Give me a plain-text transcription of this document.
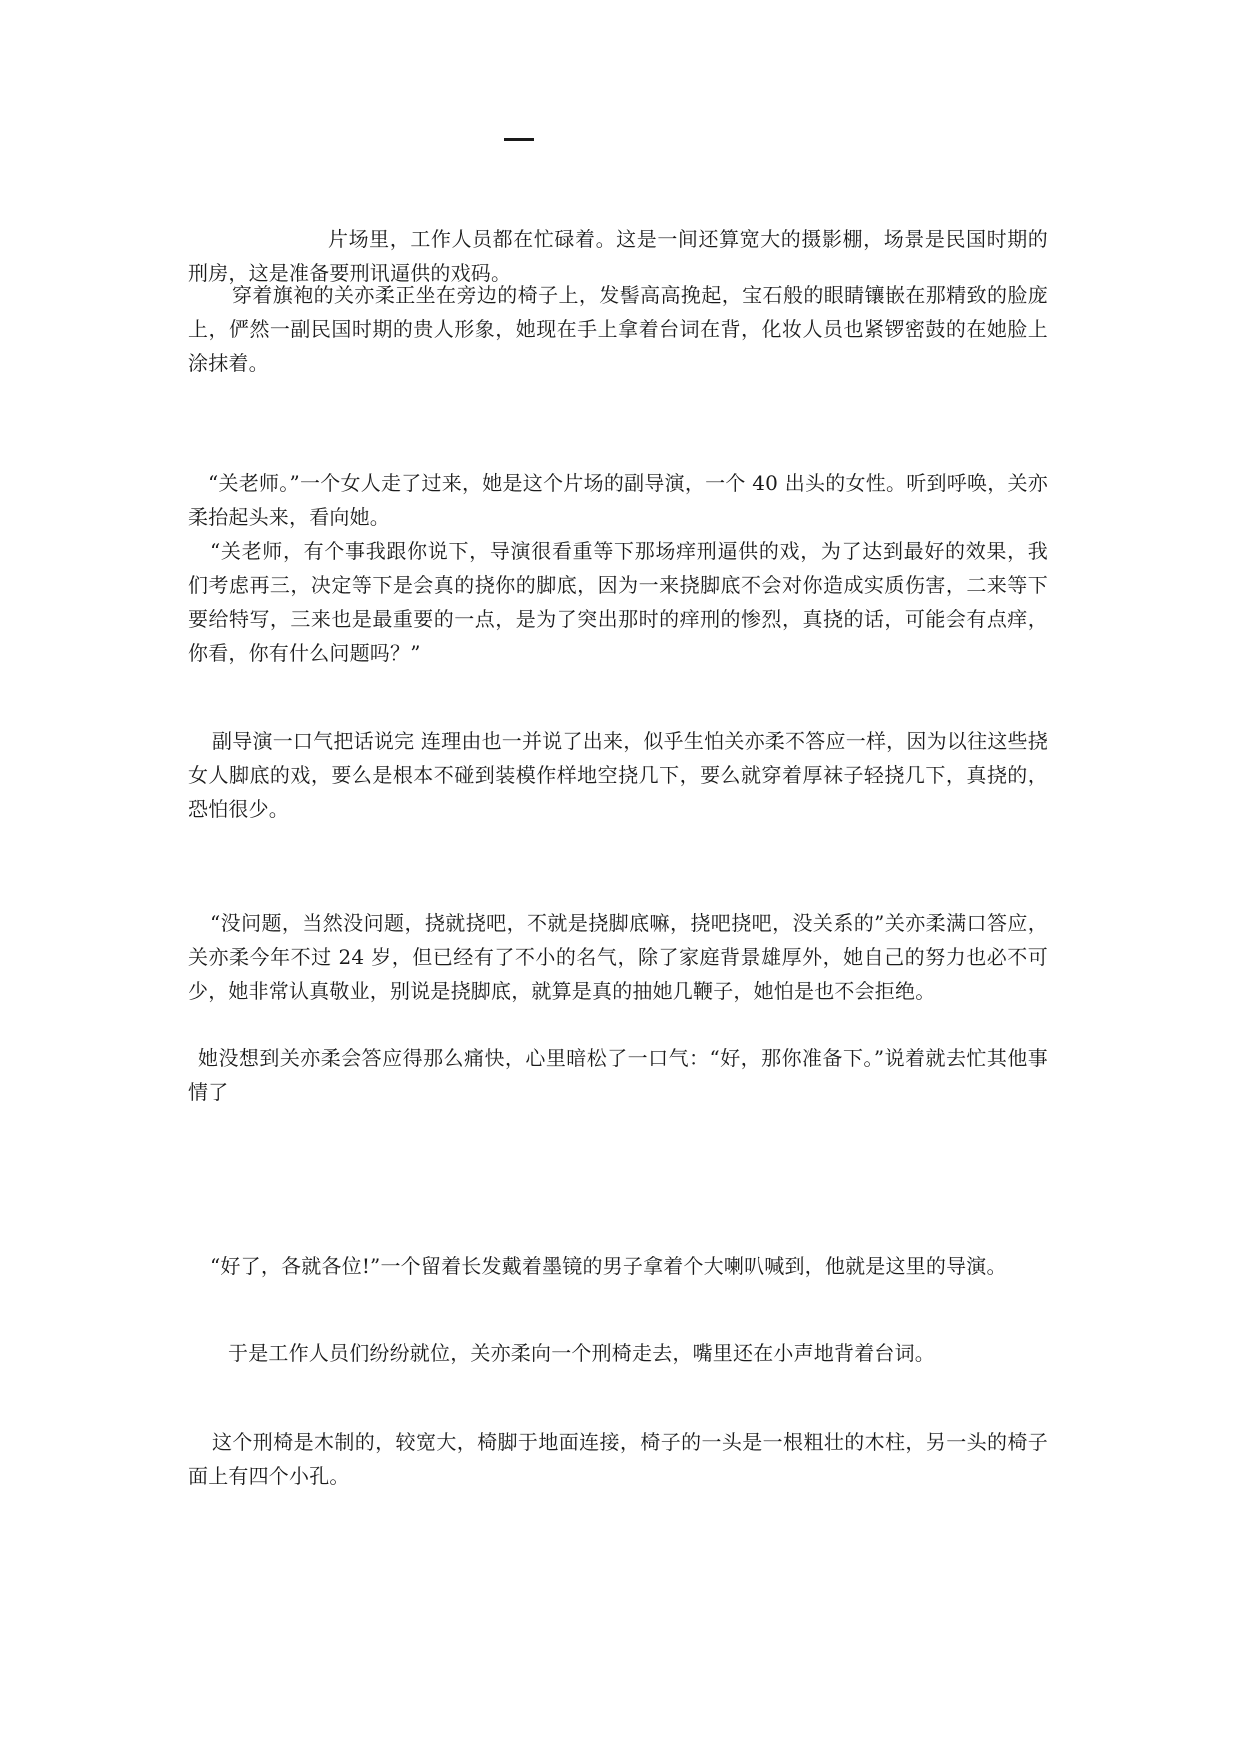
片场里，工作人员都在忙碌着。这是一间还算宽大的摄影棚，场景是民国时期的刑房，这是准备要刑讯逼供的戏码。

穿着旗袍的关亦柔正坐在旁边的椅子上，发髻高高挽起，宝石般的眼睛镶嵌在那精致的脸庞上，俨然一副民国时期的贵人形象，她现在手上拿着台词在背，化妆人员也紧锣密鼓的在她脸上涂抹着。

“关老师。”一个女人走了过来，她是这个片场的副导演，一个 40 出头的女性。听到呼唤，关亦柔抬起头来，看向她。

“关老师，有个事我跟你说下，导演很看重等下那场痒刑逼供的戏，为了达到最好的效果，我们考虑再三，决定等下是会真的挠你的脚底，因为一来挠脚底不会对你造成实质伤害，二来等下要给特写，三来也是最重要的一点，是为了突出那时的痒刑的惨烈，真挠的话，可能会有点痒，你看，你有什么问题吗？”

副导演一口气把话说完 连理由也一并说了出来，似乎生怕关亦柔不答应一样，因为以往这些挠女人脚底的戏，要么是根本不碰到装模作样地空挠几下，要么就穿着厚袜子轻挠几下，真挠的，恐怕很少。

“没问题，当然没问题，挠就挠吧，不就是挠脚底嘛，挠吧挠吧，没关系的”关亦柔满口答应，关亦柔今年不过 24 岁，但已经有了不小的名气，除了家庭背景雄厚外，她自己的努力也必不可少，她非常认真敬业，别说是挠脚底，就算是真的抽她几鞭子，她怕是也不会拒绝。

她没想到关亦柔会答应得那么痛快，心里暗松了一口气：“好，那你准备下。”说着就去忙其他事情了

“好了，各就各位!”一个留着长发戴着墨镜的男子拿着个大喇叭喊到，他就是这里的导演。

于是工作人员们纷纷就位，关亦柔向一个刑椅走去，嘴里还在小声地背着台词。

这个刑椅是木制的，较宽大，椅脚于地面连接，椅子的一头是一根粗壮的木柱，另一头的椅子面上有四个小孔。
